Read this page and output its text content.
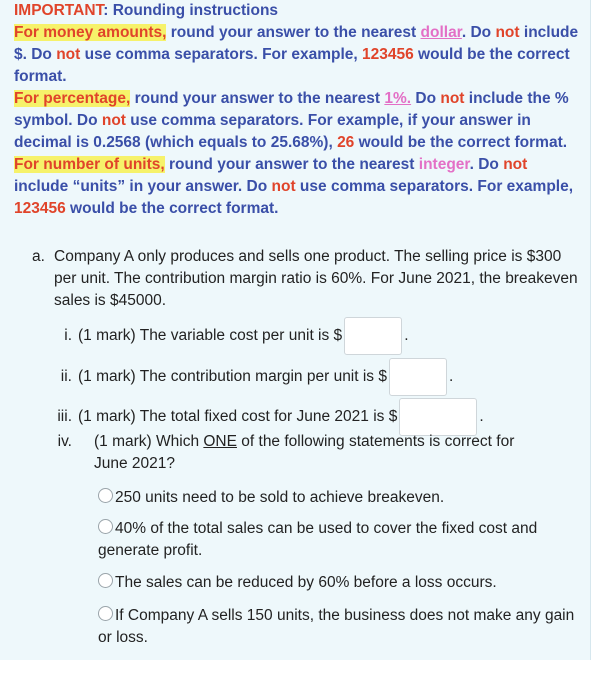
IMPORTANT: Rounding instructions
For money amounts, round your answer to the nearest dollar. Do not include $. Do not use comma separators. For example, 123456 would be the correct format.
For percentage, round your answer to the nearest 1%. Do not include the % symbol. Do not use comma separators. For example, if your answer in decimal is 0.2568 (which equals to 25.68%), 26 would be the correct format.
For number of units, round your answer to the nearest integer. Do not include “units” in your answer. Do not use comma separators. For example, 123456 would be the correct format.
a. Company A only produces and sells one product. The selling price is $300 per unit. The contribution margin ratio is 60%. For June 2021, the breakeven sales is $45000.
i. (1 mark) The variable cost per unit is $	.
ii. (1 mark) The contribution margin per unit is $	.
iii. (1 mark) The total fixed cost for June 2021 is $	.
iv. (1 mark) Which ONE of the following statements is correct for June 2021?
250 units need to be sold to achieve breakeven.
40% of the total sales can be used to cover the fixed cost and generate profit.
The sales can be reduced by 60% before a loss occurs.
If Company A sells 150 units, the business does not make any gain or loss.
